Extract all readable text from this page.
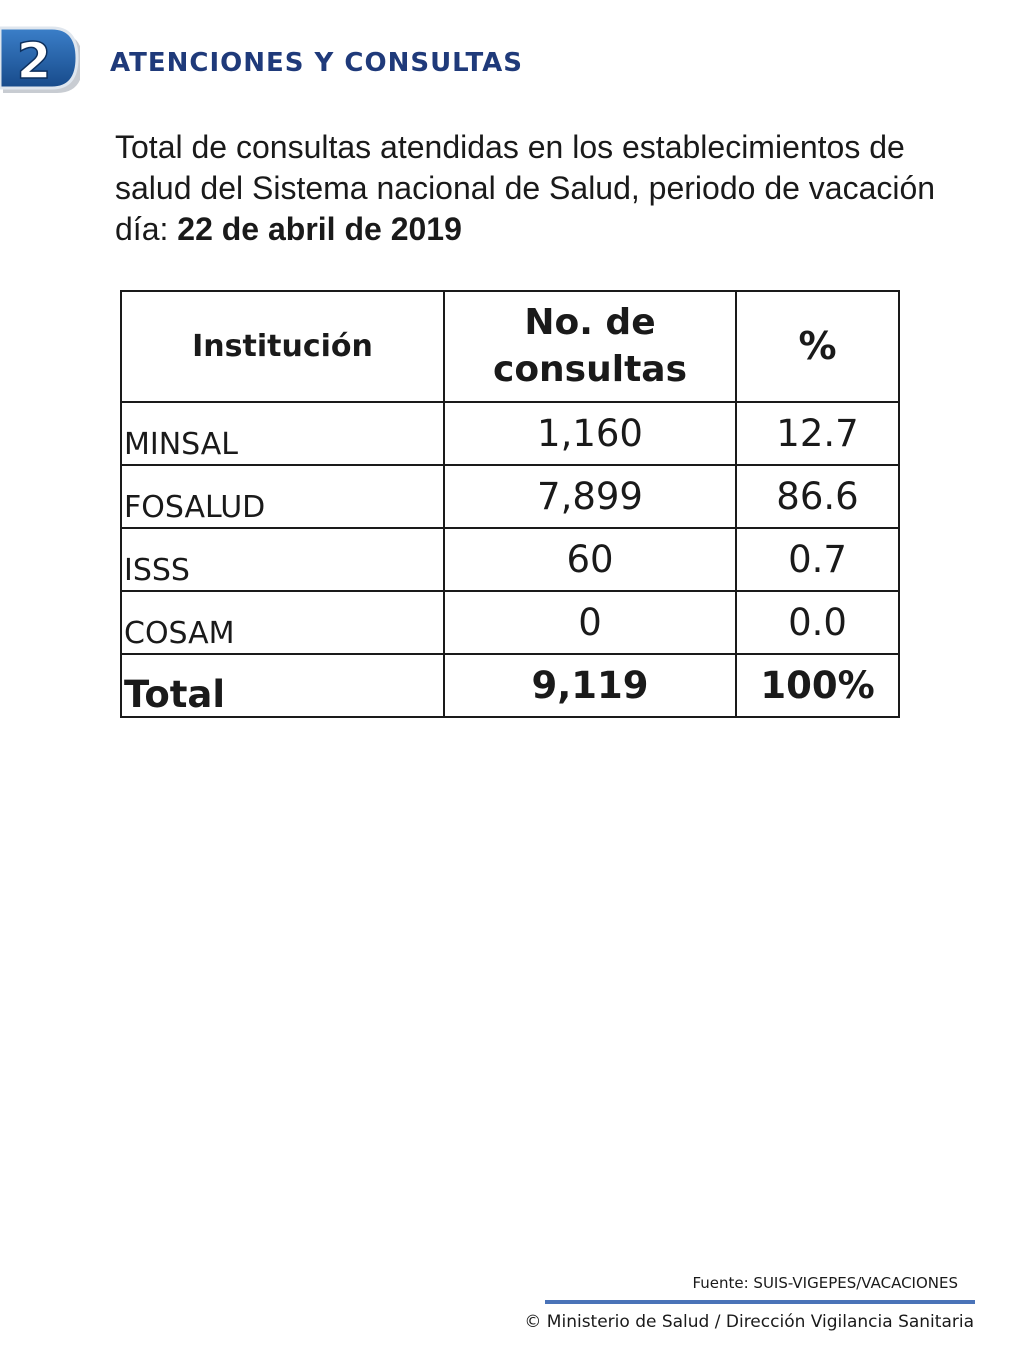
2 ATENCIONES Y CONSULTAS
Total de consultas atendidas en los establecimientos de salud del Sistema nacional de Salud, periodo de vacación día: 22 de abril de 2019
Institución	No. de consultas	%
MINSAL	1,160	12.7
FOSALUD	7,899	86.6
ISSS	60	0.7
COSAM	0	0.0
Total	9,119	100%
Fuente: SUIS-VIGEPES/VACACIONES
© Ministerio de Salud / Dirección Vigilancia Sanitaria
